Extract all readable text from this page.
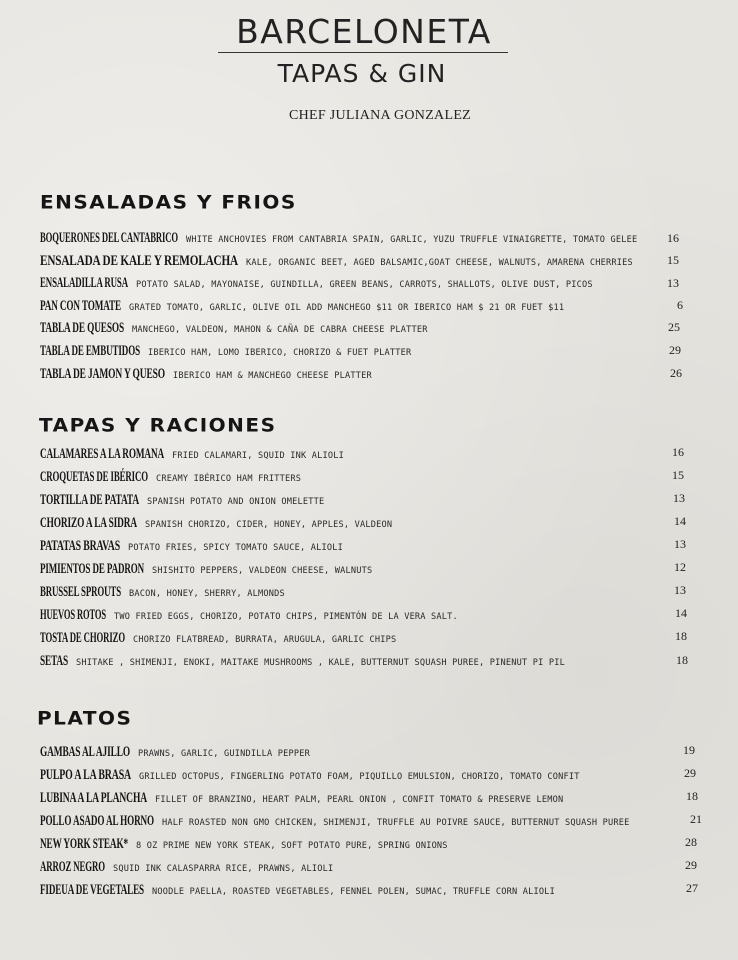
BARCELONETA
TAPAS & GIN
CHEF JULIANA GONZALEZ
ENSALADAS Y FRIOS
BOQUERONES DEL CANTABRICO WHITE ANCHOVIES FROM CANTABRIA SPAIN, GARLIC, YUZU TRUFFLE VINAIGRETTE, TOMATO GELEE 16
ENSALADA DE KALE Y REMOLACHA KALE, ORGANIC BEET, AGED BALSAMIC,GOAT CHEESE, WALNUTS, AMARENA CHERRIES	15
ENSALADILLA RUSA POTATO SALAD, MAYONAISE, GUINDILLA, GREEN BEANS, CARROTS, SHALLOTS, OLIVE DUST, PICOS	13
PAN CON TOMATE GRATED TOMATO, GARLIC, OLIVE OIL ADD MANCHEGO $11 OR IBERICO HAM $ 21 OR FUET $11	6
TABLA DE QUESOS MANCHEGO, VALDEON, MAHON & CAÑA DE CABRA CHEESE PLATTER	25
TABLA DE EMBUTIDOS IBERICO HAM, LOMO IBERICO, CHORIZO & FUET PLATTER	29
TABLA DE JAMON Y QUESO IBERICO HAM & MANCHEGO CHEESE PLATTER	26
TAPAS Y RACIONES
CALAMARES A LA ROMANA FRIED CALAMARI, SQUID INK ALIOLI	16
CROQUETAS DE IBÉRICO CREAMY IBÉRICO HAM FRITTERS	15
TORTILLA DE PATATA SPANISH POTATO AND ONION OMELETTE	13
CHORIZO A LA SIDRA SPANISH CHORIZO, CIDER, HONEY, APPLES, VALDEON	14
PATATAS BRAVAS POTATO FRIES, SPICY TOMATO SAUCE, ALIOLI	13
PIMIENTOS DE PADRON SHISHITO PEPPERS, VALDEON CHEESE, WALNUTS	12
BRUSSEL SPROUTS BACON, HONEY, SHERRY, ALMONDS	13
HUEVOS ROTOS TWO FRIED EGGS, CHORIZO, POTATO CHIPS, PIMENTÓN DE LA VERA SALT.	14
TOSTA DE CHORIZO CHORIZO FLATBREAD, BURRATA, ARUGULA, GARLIC CHIPS	18
SETAS SHITAKE , SHIMENJI, ENOKI, MAITAKE MUSHROOMS , KALE, BUTTERNUT SQUASH PUREE, PINENUT PI PIL	18
PLATOS
GAMBAS AL AJILLO PRAWNS, GARLIC, GUINDILLA PEPPER	19
PULPO A LA BRASA GRILLED OCTOPUS, FINGERLING POTATO FOAM, PIQUILLO EMULSION, CHORIZO, TOMATO CONFIT	29
LUBINA A LA PLANCHA FILLET OF BRANZINO, HEART PALM, PEARL ONION , CONFIT TOMATO & PRESERVE LEMON	18
POLLO ASADO AL HORNO HALF ROASTED NON GMO CHICKEN, SHIMENJI, TRUFFLE AU POIVRE SAUCE, BUTTERNUT SQUASH PUREE	21
NEW YORK STEAK* 8 OZ PRIME NEW YORK STEAK, SOFT POTATO PURE, SPRING ONIONS	28
ARROZ NEGRO SQUID INK CALASPARRA RICE, PRAWNS, ALIOLI	29
FIDEUA DE VEGETALES NOODLE PAELLA, ROASTED VEGETABLES, FENNEL POLEN, SUMAC, TRUFFLE CORN ALIOLI	27
